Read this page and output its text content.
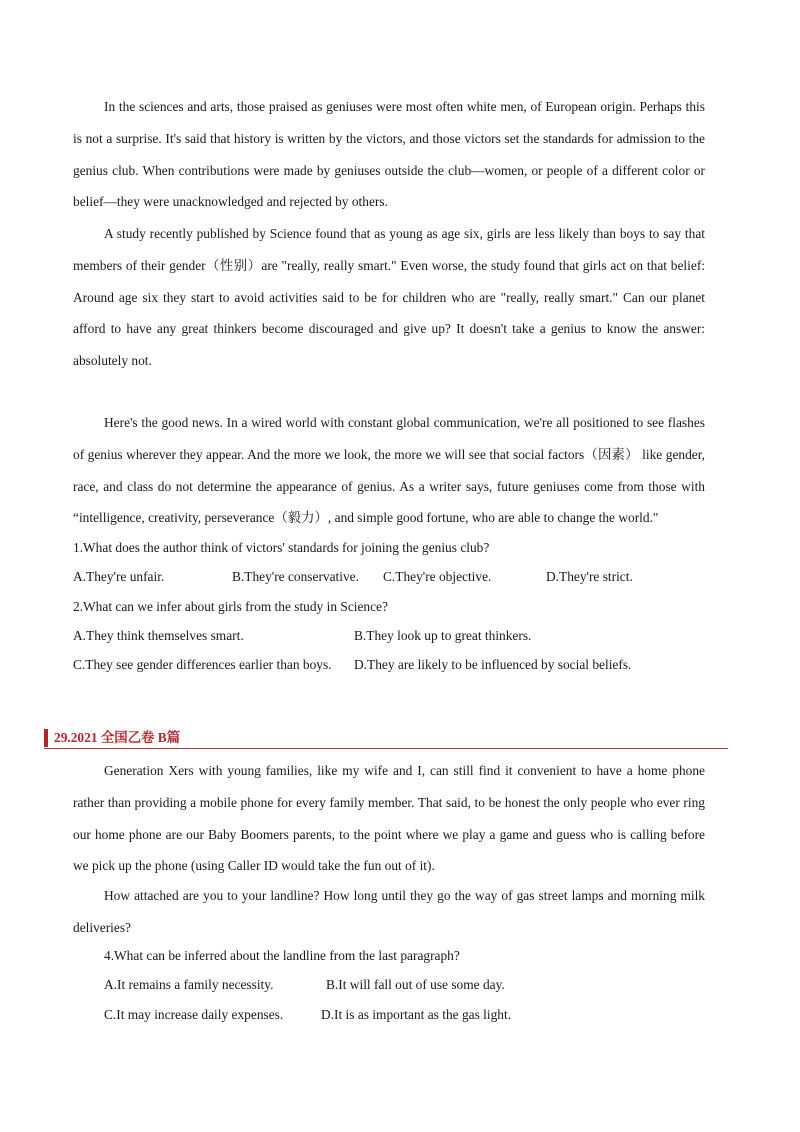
In the sciences and arts, those praised as geniuses were most often white men, of European origin. Perhaps this is not a surprise. It's said that history is written by the victors, and those victors set the standards for admission to the genius club. When contributions were made by geniuses outside the club—women, or people of a different color or belief—they were unacknowledged and rejected by others.

A study recently published by Science found that as young as age six, girls are less likely than boys to say that members of their gender（性别）are "really, really smart." Even worse, the study found that girls act on that belief: Around age six they start to avoid activities said to be for children who are "really, really smart." Can our planet afford to have any great thinkers become discouraged and give up? It doesn't take a genius to know the answer: absolutely not.

Here's the good news. In a wired world with constant global communication, we're all positioned to see flashes of genius wherever they appear. And the more we look, the more we will see that social factors（因素） like gender, race, and class do not determine the appearance of genius. As a writer says, future geniuses come from those with “intelligence, creativity, perseverance（毅力）, and simple good fortune, who are able to change the world."

1.What does the author think of victors' standards for joining the genius club?

A.They're unfair.	B.They're conservative. C.They're objective.	D.They're strict.

2.What can we infer about girls from the study in Science?

A.They think themselves smart.	B.They look up to great thinkers.

C.They see gender differences earlier than boys. D.They are likely to be influenced by social beliefs.

29.2021 全国乙卷 B篇

Generation Xers with young families, like my wife and I, can still find it convenient to have a home phone rather than providing a mobile phone for every family member. That said, to be honest the only people who ever ring our home phone are our Baby Boomers parents, to the point where we play a game and guess who is calling before we pick up the phone (using Caller ID would take the fun out of it).

How attached are you to your landline? How long until they go the way of gas street lamps and morning milk deliveries?

4.What can be inferred about the landline from the last paragraph?

A.It remains a family necessity.	B.It will fall out of use some day.

C.It may increase daily expenses.	D.It is as important as the gas light.
